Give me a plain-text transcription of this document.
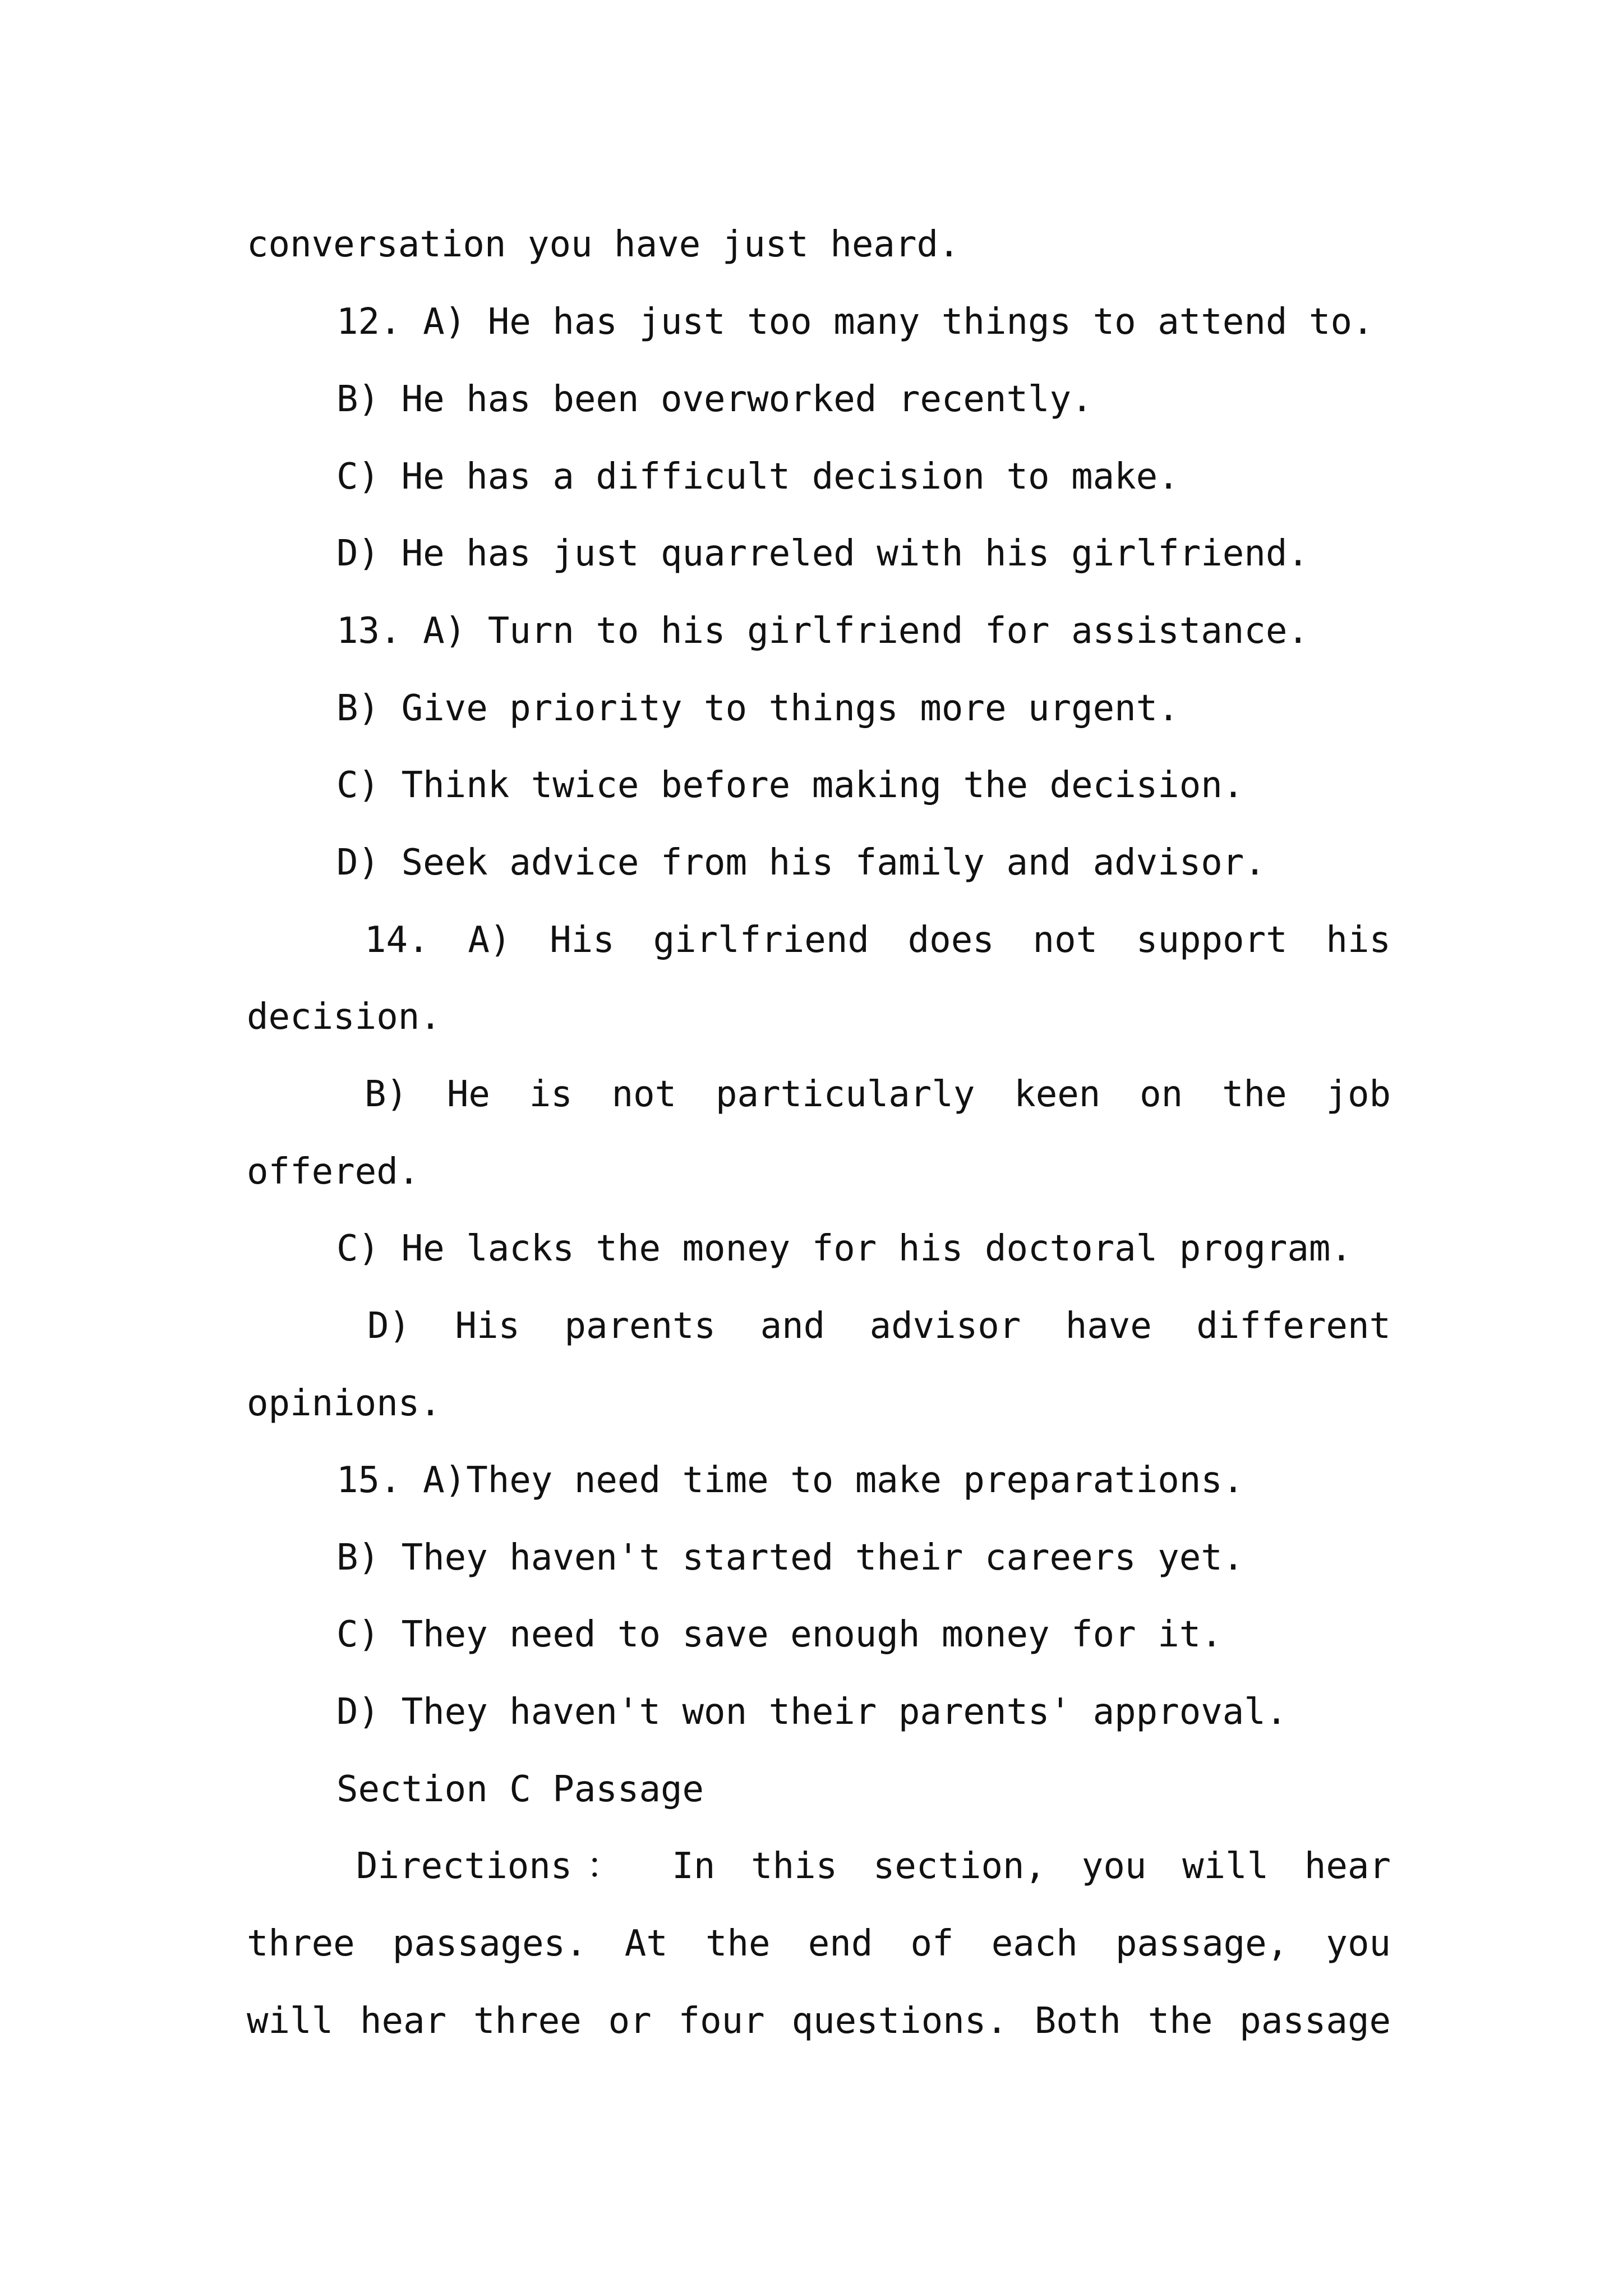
conversation you have just heard.
12. A) He has just too many things to attend to.
B) He has been overworked recently.
C) He has a difficult decision to make.
D) He has just quarreled with his girlfriend.
13. A) Turn to his girlfriend for assistance.
B) Give priority to things more urgent.
C) Think twice before making the decision.
D) Seek advice from his family and advisor.
14. A) His girlfriend does not support his
decision.
B) He is not particularly keen on the job
offered.
C) He lacks the money for his doctoral program.
D) His parents and advisor have different
opinions.
15. A)They need time to make preparations.
B) They haven't started their careers yet.
C) They need to save enough money for it.
D) They haven't won their parents' approval.
Section C Passage
Directions： In this section, you will hear
three passages. At the end of each passage, you
will hear three or four questions. Both the passage
